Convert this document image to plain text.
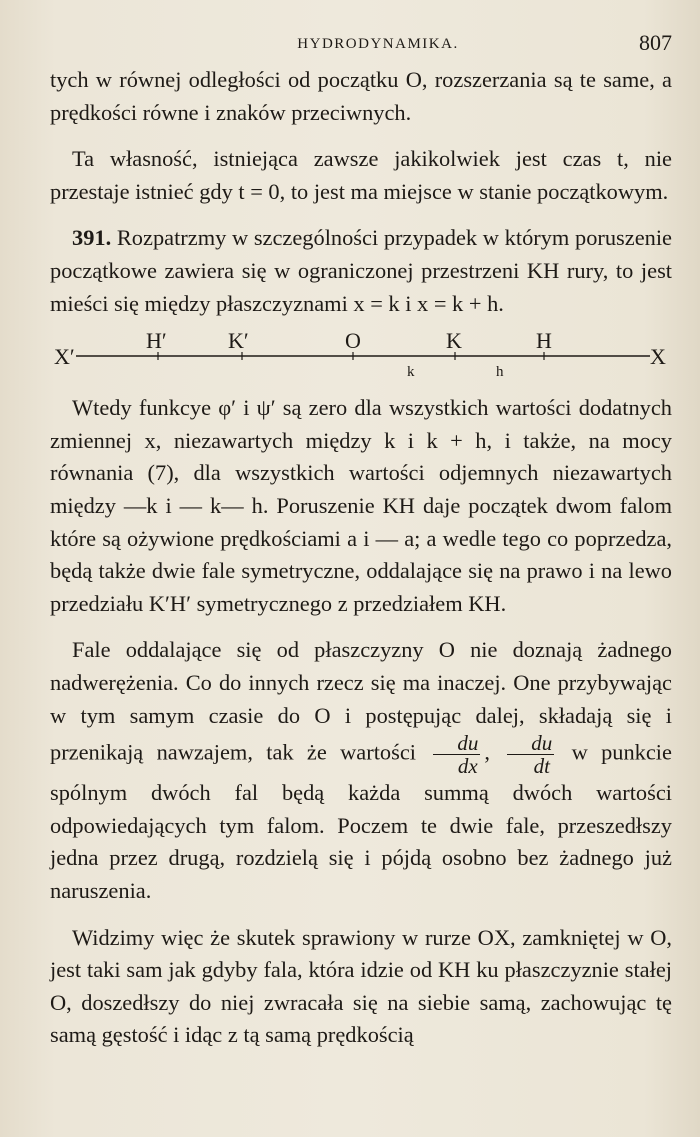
HYDRODYNAMIKA.	807

tych w równej odległości od początku O, rozszerzania są te same, a prędkości równe i znaków przeciwnych.

Ta własność, istniejąca zawsze jakikolwiek jest czas t, nie przestaje istnieć gdy t = 0, to jest ma miejsce w stanie początkowym.

391. Rozpatrzmy w szczególności przypadek w którym poruszenie początkowe zawiera się w ograniczonej przestrzeni KH rury, to jest mieści się między płaszczyznami x = k i x = k + h.

X′
H′	K′	O	K	H
X
k	h

Wtedy funkcye φ′ i ψ′ są zero dla wszystkich wartości dodatnych zmiennej x, niezawartych między k i k + h, i także, na mocy równania (7), dla wszystkich wartości odjemnych niezawartych między —k i — k— h. Poruszenie KH daje początek dwom falom które są ożywione prędkościami a i — a; a wedle tego co poprzedza, będą także dwie fale symetryczne, oddalające się na prawo i na lewo przedziału K′H′ symetrycznego z przedziałem KH.

Fale oddalające się od płaszczyzny O nie doznają żadnego nadwerężenia. Co do innych rzecz się ma inaczej. One przybywając w tym samym czasie do O i postępując dalej, składają się i przenikają nawzajem, tak że wartości $\frac{du}{dx}$ , $\frac{du}{dt}$ w punkcie spólnym dwóch fal będą każda summą dwóch wartości odpowiedających tym falom. Poczem te dwie fale, przeszedłszy jedna przez drugą, rozdzielą się i pójdą osobno bez żadnego już naruszenia.

Widzimy więc że skutek sprawiony w rurze OX, zamkniętej w O, jest taki sam jak gdyby fala, która idzie od KH ku płaszczyznie stałej O, doszedłszy do niej zwracała się na siebie samą, zachowując tę samą gęstość i idąc z tą samą prędkością
